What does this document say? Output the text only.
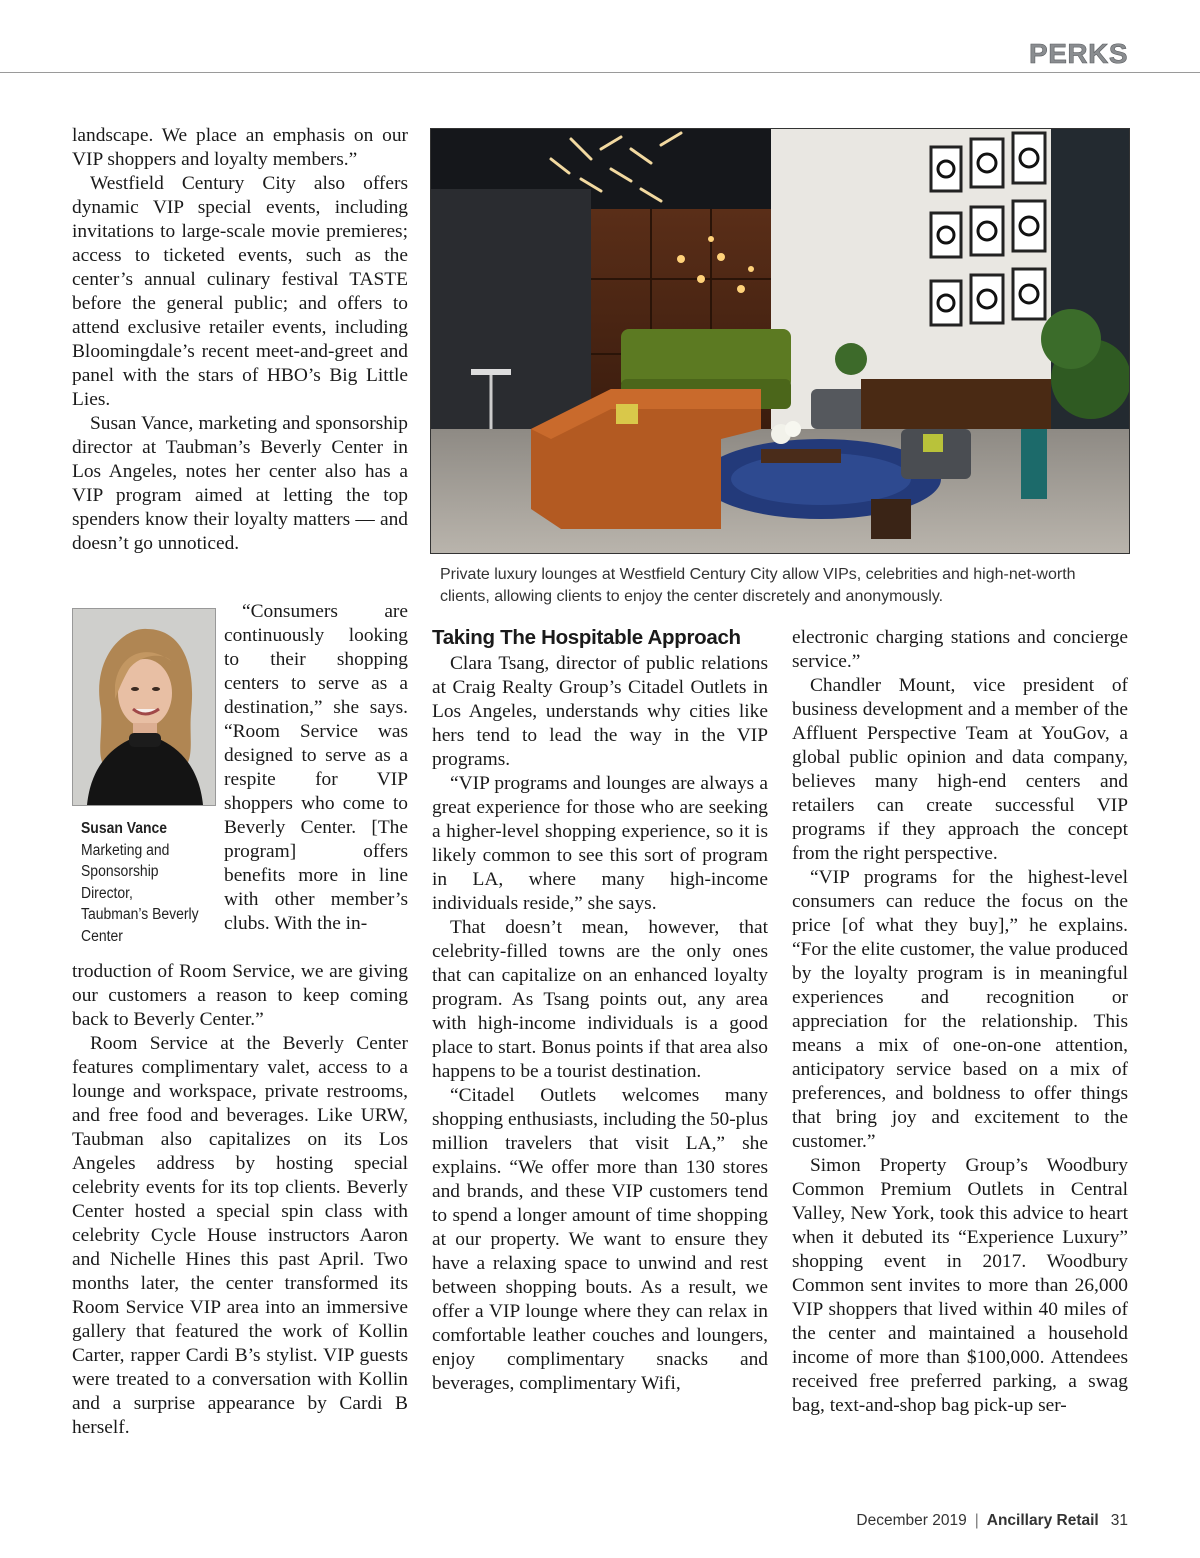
PERKS

landscape. We place an emphasis on our VIP shoppers and loyalty members.”

Westfield Century City also offers dynamic VIP special events, including invitations to large-scale movie premieres; access to ticketed events, such as the center’s annual culinary festival TASTE before the general public; and offers to attend exclusive retailer events, including Bloomingdale’s recent meet-and-greet and panel with the stars of HBO’s Big Little Lies.

Susan Vance, marketing and sponsorship director at Taubman’s Beverly Center in Los Angeles, notes her center also has a VIP program aimed at letting the top spenders know their loyalty matters — and doesn’t go unnoticed.

Susan Vance
Marketing and
Sponsorship
Director,
Taubman’s Beverly
Center

“Consumers are continuously looking to their shopping centers to serve as a destination,” she says. “Room Service was designed to serve as a respite for VIP shoppers who come to Beverly Center. [The program] offers benefits more in line with other member’s clubs. With the in-

troduction of Room Service, we are giving our customers a reason to keep coming back to Beverly Center.”

Room Service at the Beverly Center features complimentary valet, access to a lounge and workspace, private restrooms, and free food and beverages. Like URW, Taubman also capitalizes on its Los Angeles address by hosting special celebrity events for its top clients. Beverly Center hosted a special spin class with celebrity Cycle House instructors Aaron and Nichelle Hines this past April. Two months later, the center transformed its Room Service VIP area into an immersive gallery that featured the work of Kollin Carter, rapper Cardi B’s stylist. VIP guests were treated to a conversation with Kollin and a surprise appearance by Cardi B herself.

Private luxury lounges at Westfield Century City allow VIPs, celebrities and high-net-worth clients, allowing clients to enjoy the center discretely and anonymously.
Taking The Hospitable Approach

Clara Tsang, director of public relations at Craig Realty Group’s Citadel Outlets in Los Angeles, understands why cities like hers tend to lead the way in the VIP programs.

“VIP programs and lounges are always a great experience for those who are seeking a higher-level shopping experience, so it is likely common to see this sort of program in LA, where many high-income individuals reside,” she says.

That doesn’t mean, however, that celebrity-filled towns are the only ones that can capitalize on an enhanced loyalty program. As Tsang points out, any area with high-income individuals is a good place to start. Bonus points if that area also happens to be a tourist destination.

“Citadel Outlets welcomes many shopping enthusiasts, including the 50-plus million travelers that visit LA,” she explains. “We offer more than 130 stores and brands, and these VIP customers tend to spend a longer amount of time shopping at our property. We want to ensure they have a relaxing space to unwind and rest between shopping bouts. As a result, we offer a VIP lounge where they can relax in comfortable leather couches and loungers, enjoy complimentary snacks and beverages, complimentary Wifi,

electronic charging stations and concierge service.”

Chandler Mount, vice president of business development and a member of the Affluent Perspective Team at YouGov, a global public opinion and data company, believes many high-end centers and retailers can create successful VIP programs if they approach the concept from the right perspective.

“VIP programs for the highest-level consumers can reduce the focus on the price [of what they buy],” he explains. “For the elite customer, the value produced by the loyalty program is in meaningful experiences and recognition or appreciation for the relationship. This means a mix of one-on-one attention, anticipatory service based on a mix of preferences, and boldness to offer things that bring joy and excitement to the customer.”

Simon Property Group’s Woodbury Common Premium Outlets in Central Valley, New York, took this advice to heart when it debuted its “Experience Luxury” shopping event in 2017. Woodbury Common sent invites to more than 26,000 VIP shoppers that lived within 40 miles of the center and maintained a household income of more than $100,000. Attendees received free preferred parking, a swag bag, text-and-shop bag pick-up ser-

December 2019 | Ancillary Retail 31
